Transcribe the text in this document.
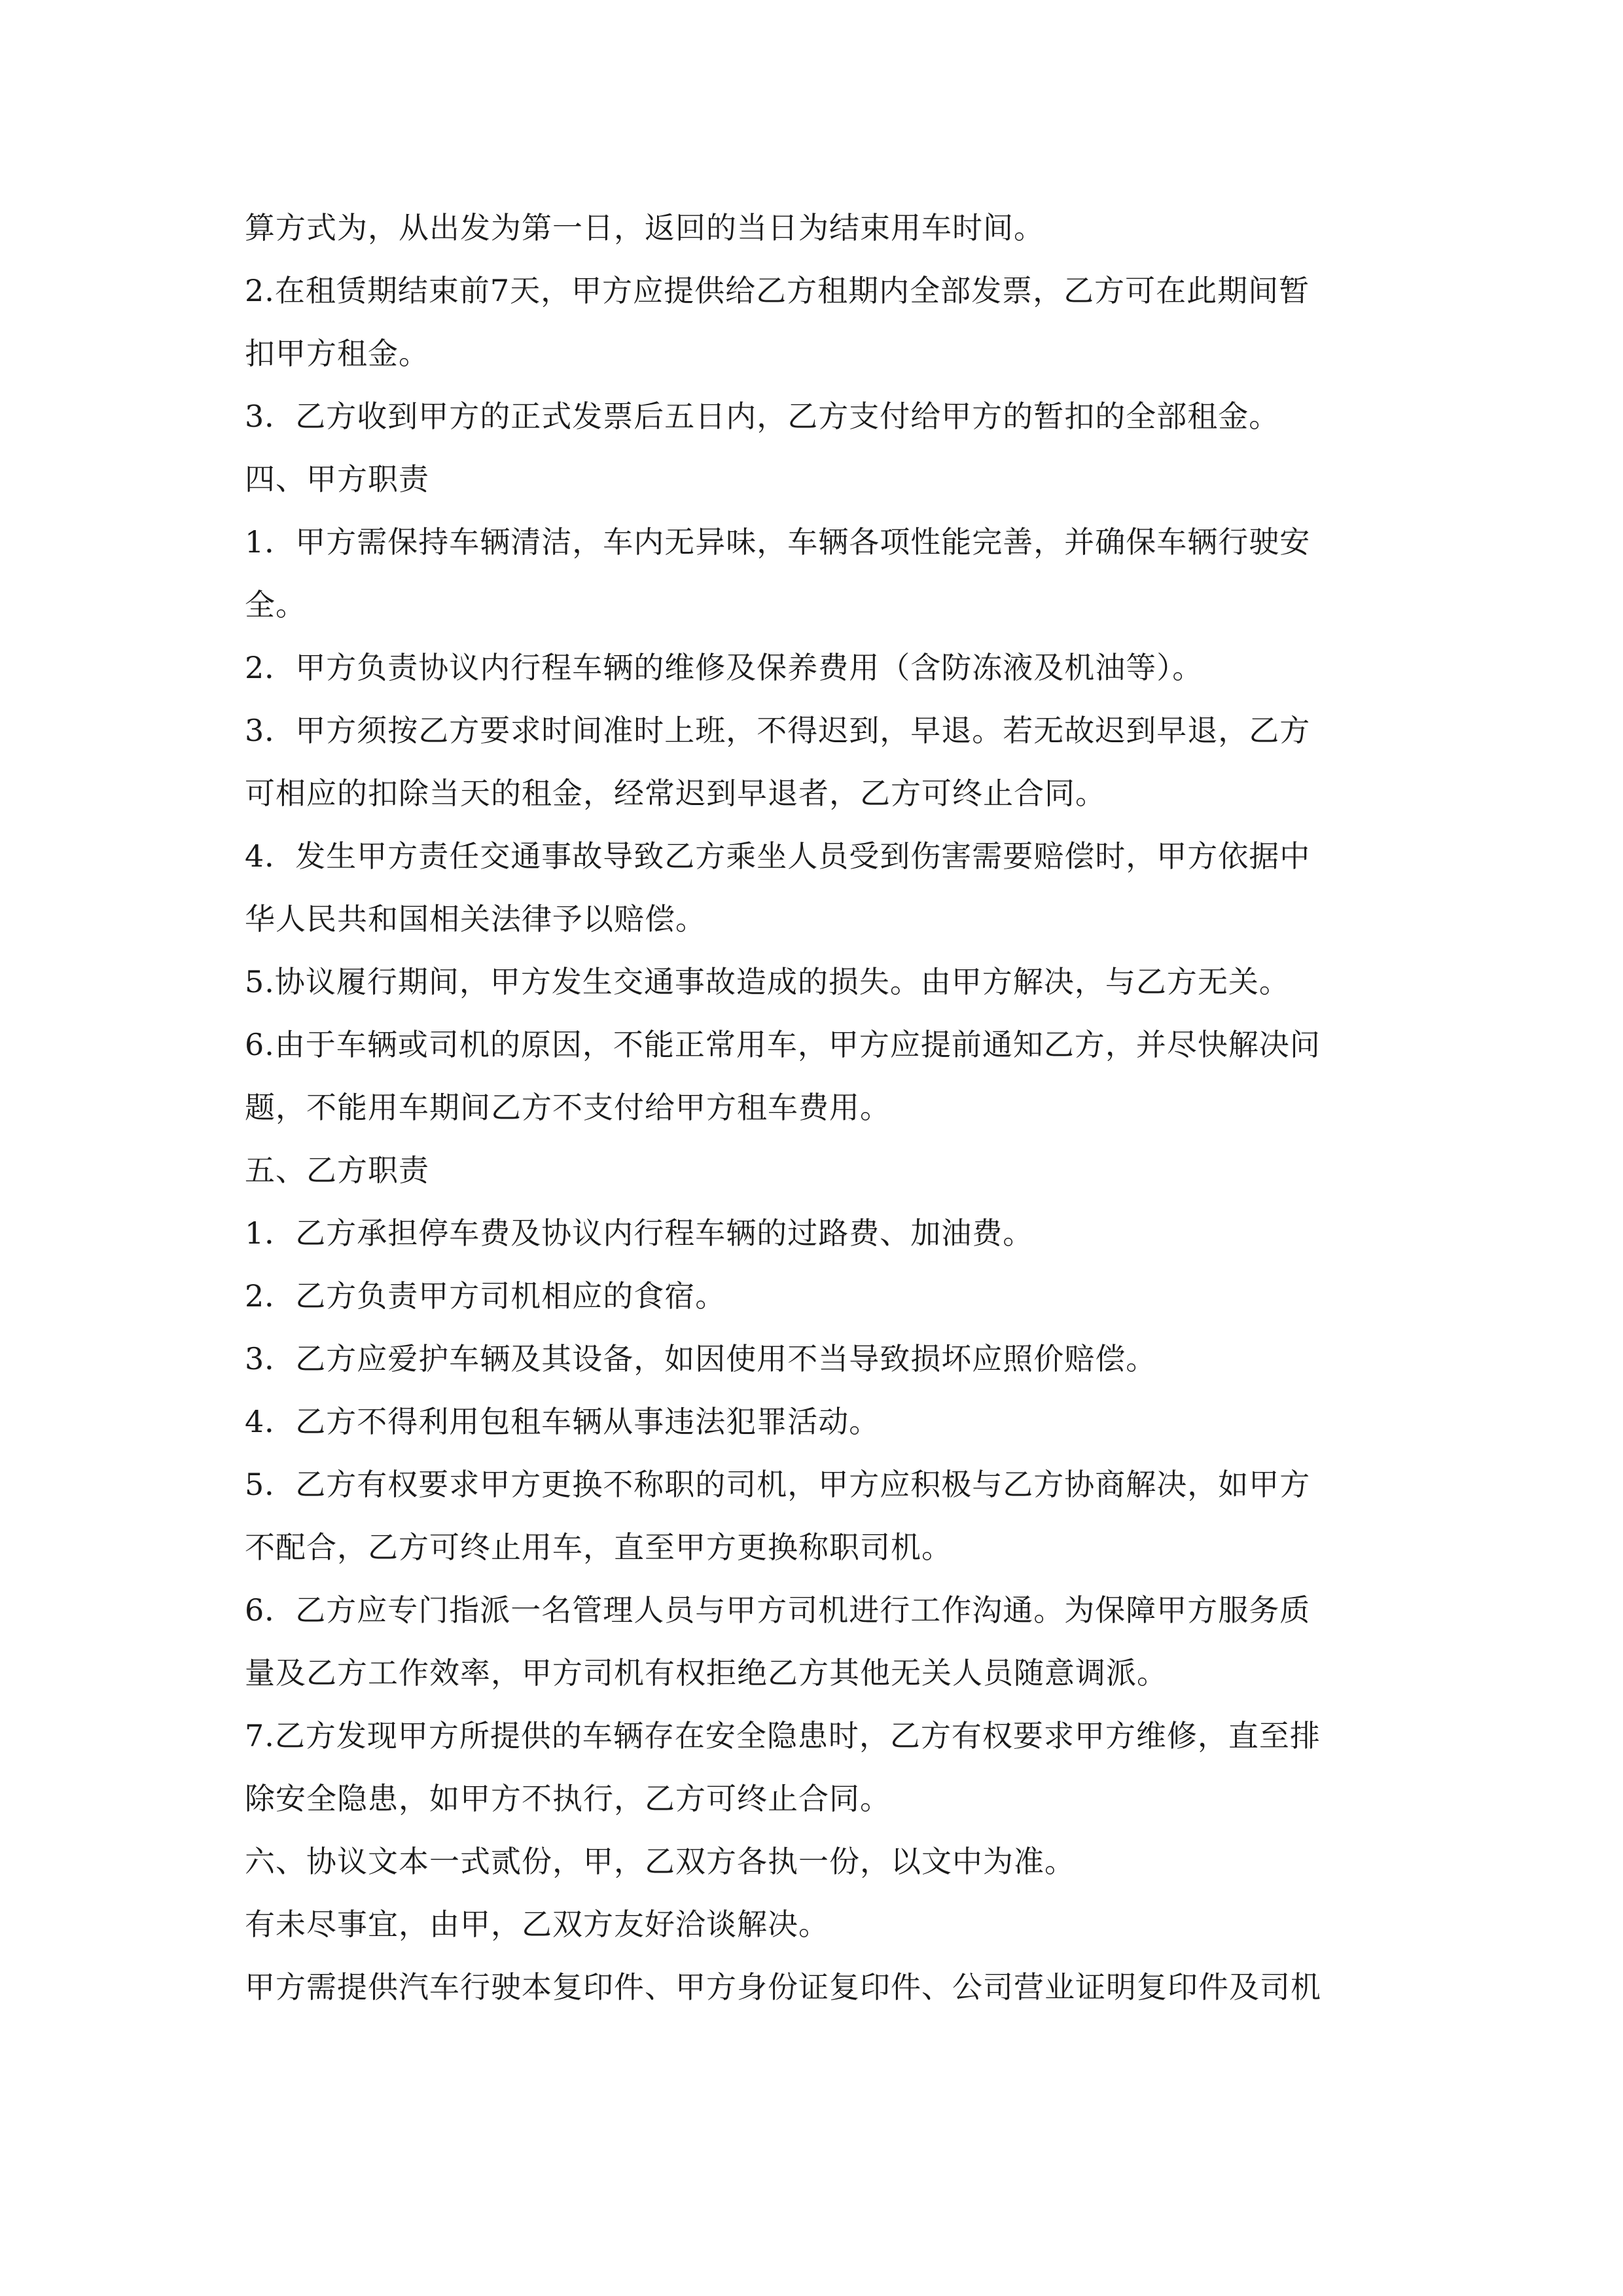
算方式为，从出发为第一日，返回的当日为结束用车时间。
2.在租赁期结束前7天，甲方应提供给乙方租期内全部发票，乙方可在此期间暂
扣甲方租金。
3．乙方收到甲方的正式发票后五日内，乙方支付给甲方的暂扣的全部租金。
四、甲方职责
1．甲方需保持车辆清洁，车内无异味，车辆各项性能完善，并确保车辆行驶安
全。
2．甲方负责协议内行程车辆的维修及保养费用（含防冻液及机油等）。
3．甲方须按乙方要求时间准时上班，不得迟到，早退。若无故迟到早退，乙方
可相应的扣除当天的租金，经常迟到早退者，乙方可终止合同。
4．发生甲方责任交通事故导致乙方乘坐人员受到伤害需要赔偿时，甲方依据中
华人民共和国相关法律予以赔偿。
5.协议履行期间，甲方发生交通事故造成的损失。由甲方解决，与乙方无关。
6.由于车辆或司机的原因，不能正常用车，甲方应提前通知乙方，并尽快解决问
题，不能用车期间乙方不支付给甲方租车费用。
五、乙方职责
1．乙方承担停车费及协议内行程车辆的过路费、加油费。
2．乙方负责甲方司机相应的食宿。
3．乙方应爱护车辆及其设备，如因使用不当导致损坏应照价赔偿。
4．乙方不得利用包租车辆从事违法犯罪活动。
5．乙方有权要求甲方更换不称职的司机，甲方应积极与乙方协商解决，如甲方
不配合，乙方可终止用车，直至甲方更换称职司机。
6．乙方应专门指派一名管理人员与甲方司机进行工作沟通。为保障甲方服务质
量及乙方工作效率，甲方司机有权拒绝乙方其他无关人员随意调派。
7.乙方发现甲方所提供的车辆存在安全隐患时，乙方有权要求甲方维修，直至排
除安全隐患，如甲方不执行，乙方可终止合同。
六、协议文本一式贰份，甲，乙双方各执一份，以文中为准。
有未尽事宜，由甲，乙双方友好洽谈解决。
甲方需提供汽车行驶本复印件、甲方身份证复印件、公司营业证明复印件及司机
